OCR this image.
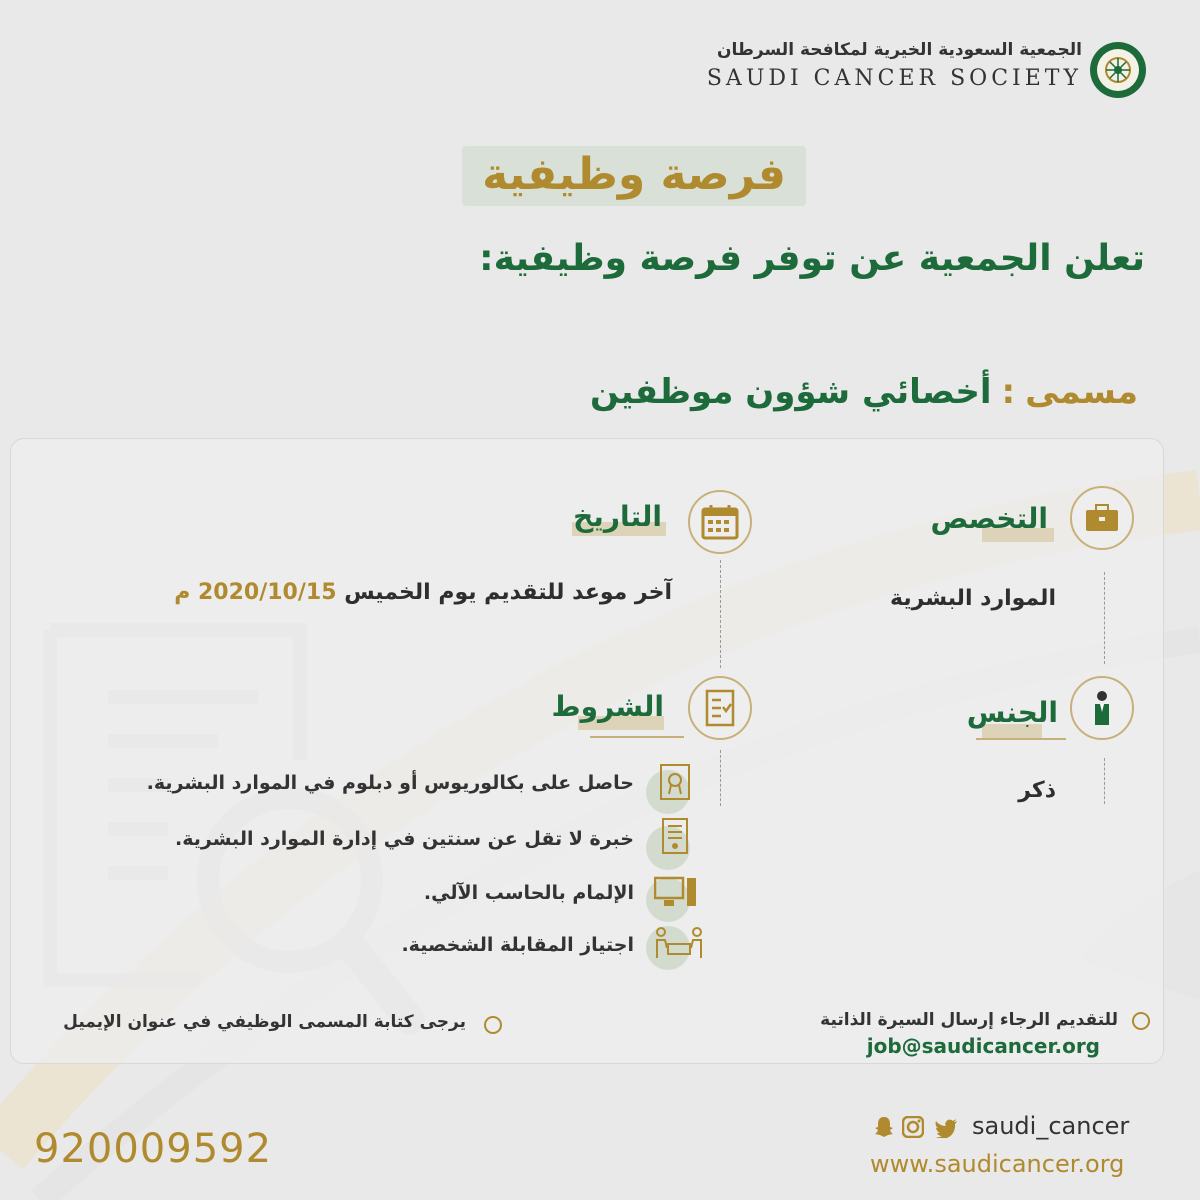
الجمعية السعودية الخيرية لمكافحة السرطان
SAUDI CANCER SOCIETY
فرصة وظيفية
تعلن الجمعية عن توفر فرصة وظيفية:
مسمى:أخصائي شؤون موظفين
التخصص
الموارد البشرية
الجنس
ذكر
التاريخ
آخر موعد للتقديم يوم الخميس 2020/10/15 م
الشروط
حاصل على بكالوريوس أو دبلوم في الموارد البشرية.
خبرة لا تقل عن سنتين في إدارة الموارد البشرية.
الإلمام بالحاسب الآلي.
اجتياز المقابلة الشخصية.
للتقديم الرجاء إرسال السيرة الذاتية
job@saudicancer.org
يرجى كتابة المسمى الوظيفي في عنوان الإيميل
920009592	saudi_cancer
www.saudicancer.org
